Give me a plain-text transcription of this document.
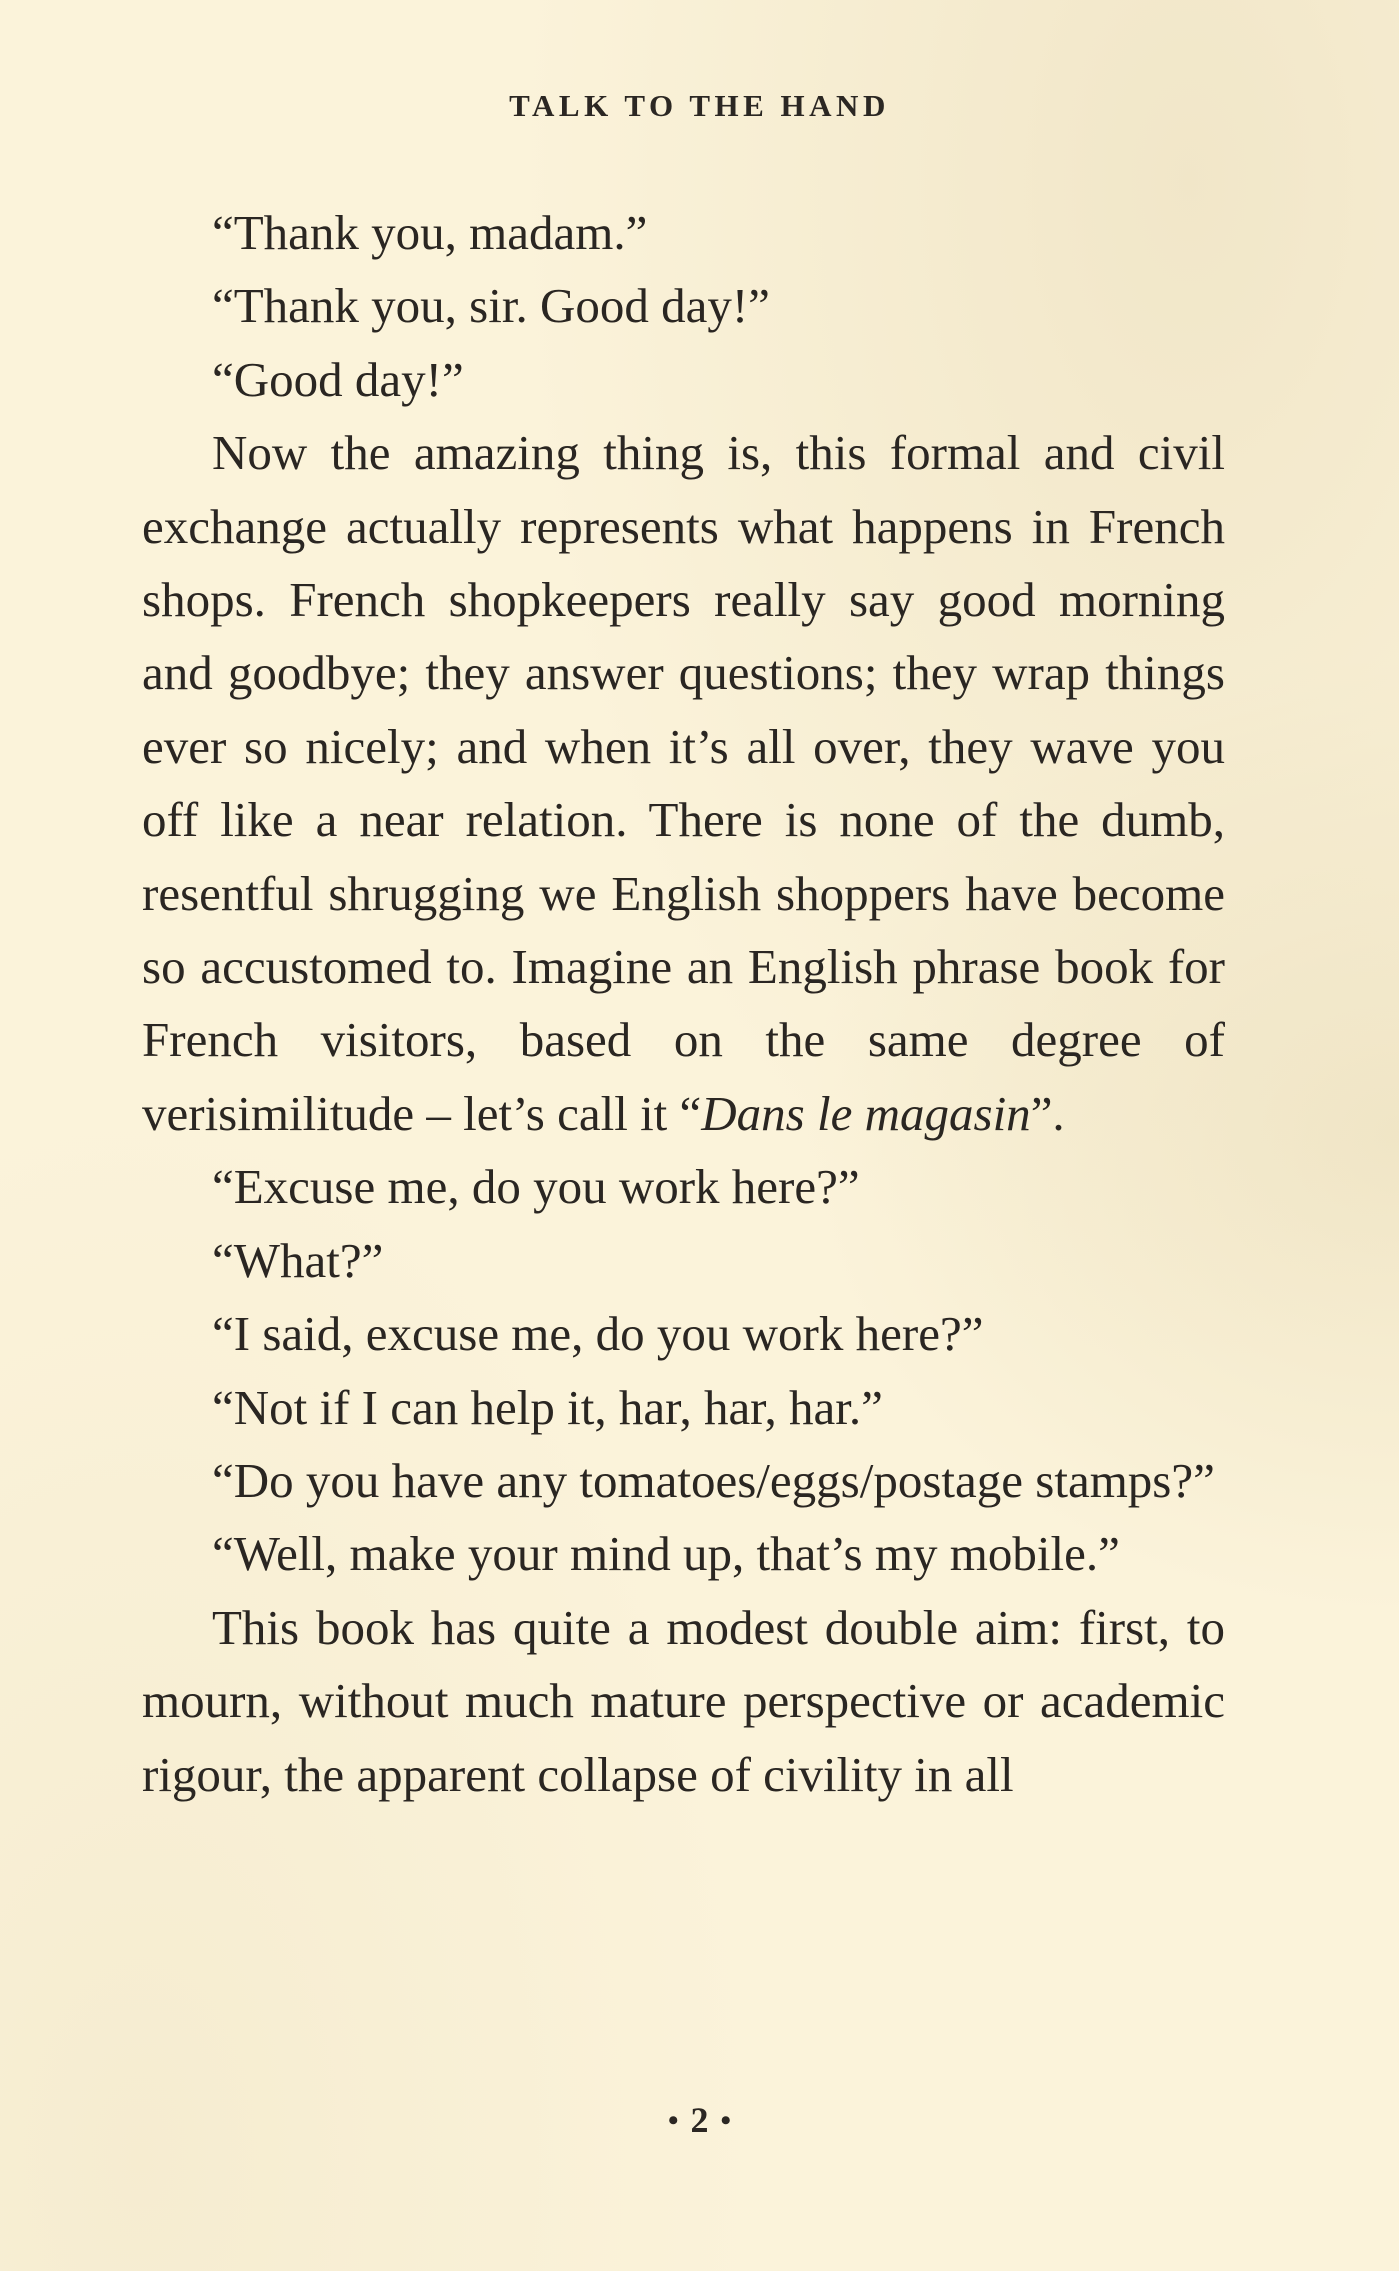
TALK TO THE HAND

“Thank you, madam.”

“Thank you, sir. Good day!”

“Good day!”

Now the amazing thing is, this formal and civil exchange actually represents what happens in French shops. French shopkeepers really say good morning and goodbye; they answer questions; they wrap things ever so nicely; and when it’s all over, they wave you off like a near relation. There is none of the dumb, resentful shrugging we English shoppers have become so accustomed to. Imagine an English phrase book for French visitors, based on the same degree of verisimilitude – let’s call it “Dans le magasin”.

“Excuse me, do you work here?”

“What?”

“I said, excuse me, do you work here?”

“Not if I can help it, har, har, har.”

“Do you have any tomatoes/eggs/postage stamps?”

“Well, make your mind up, that’s my mobile.”

This book has quite a modest double aim: first, to mourn, without much mature perspective or academic rigour, the apparent collapse of civility in all

• 2 •
